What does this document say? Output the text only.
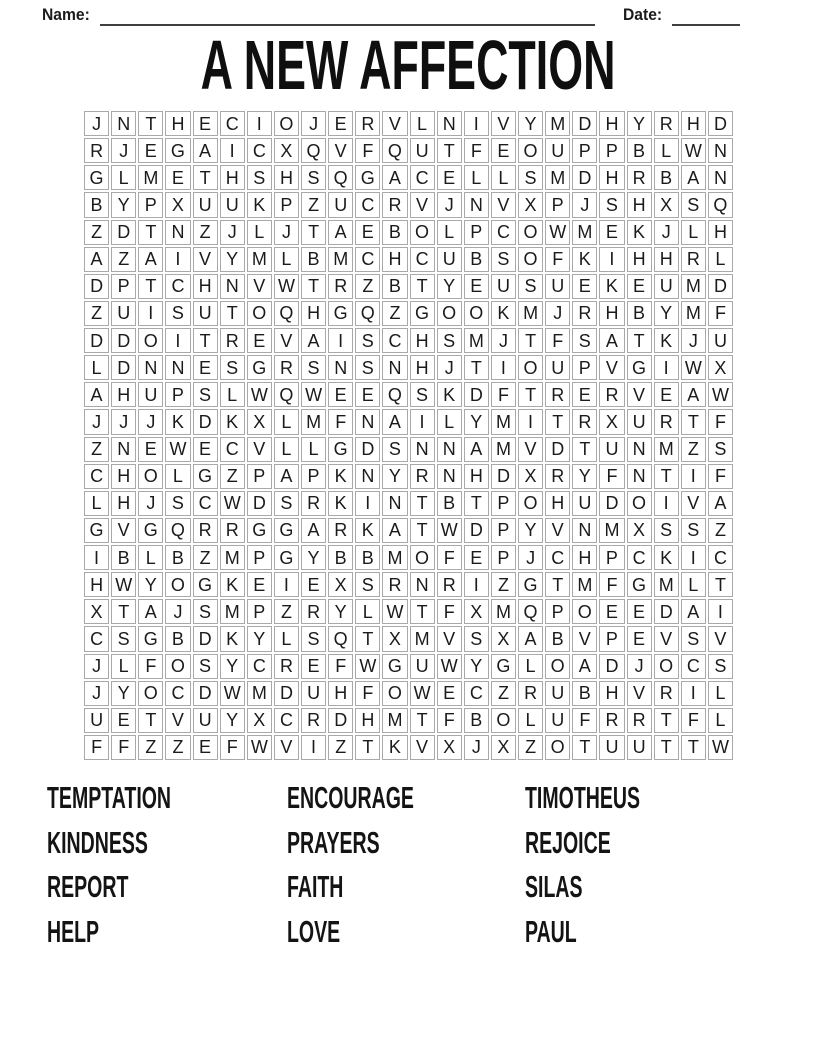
Name:	Date:
A NEW AFFECTION
J N T H E C	I O J E R V L N	I	V Y M D H Y R H D
R J E G A	I	C X Q V F Q U T F E O U P P B L W N
G L M E T H S H S Q G A C E L L S M D H R B A N
B Y P X U U K P Z U C R V J N V X P J S H X S Q
Z D T N Z J L J T A E B O L P C O W M E K J L H
A Z A	I	V Y M L B M C H C U B S O F K	I	H H R L
D P T C H N V W T R Z B T Y E U S U E K E U M D
Z U	I	S U T O Q H G Q Z G O O K M J R H B Y M F
D D O I	T R E V A	I	S C H S M J T F S A T K J U
L D N N E S G R S N S N H J T	I O U P V G I W X
A H U P S L W Q W E E Q S K D F T R E R V E A W
J	J	J K D K X L M F N A	I	L Y M I	T R X U R T F
Z N E W E C V L L G D S N N A M V D T U N M Z S
C H O L G Z P A P K N Y R N H D X R Y F N T	I	F
L H J S C W D S R K	I	N T B T P O H U D O I	V A
G V G Q R R G G A R K A T W D P Y V N M X S S Z
I	B L B Z M P G Y B B M O F E P J C H P C K	I	C
H W Y O G K E	I	E X S R N R	I	Z G T M F G M L T
X T A J S M P Z R Y L W T F X M Q P O E E D A	I
C S G B D K Y L S Q T X M V S X A B V P E V S V
J L F O S Y C R E F W G U W Y G L O A D J O C S
J Y O C D W M D U H F O W E C Z R U B H V R	I	L
U E T V U Y X C R D H M T F B O L U F R R T F L
F F Z Z E F W V	I	Z T K V X J X Z O T U U T T W
TEMPTATION
KINDNESS
REPORT
HELP
ENCOURAGE
PRAYERS
FAITH
LOVE
TIMOTHEUS
REJOICE
SILAS
PAUL
